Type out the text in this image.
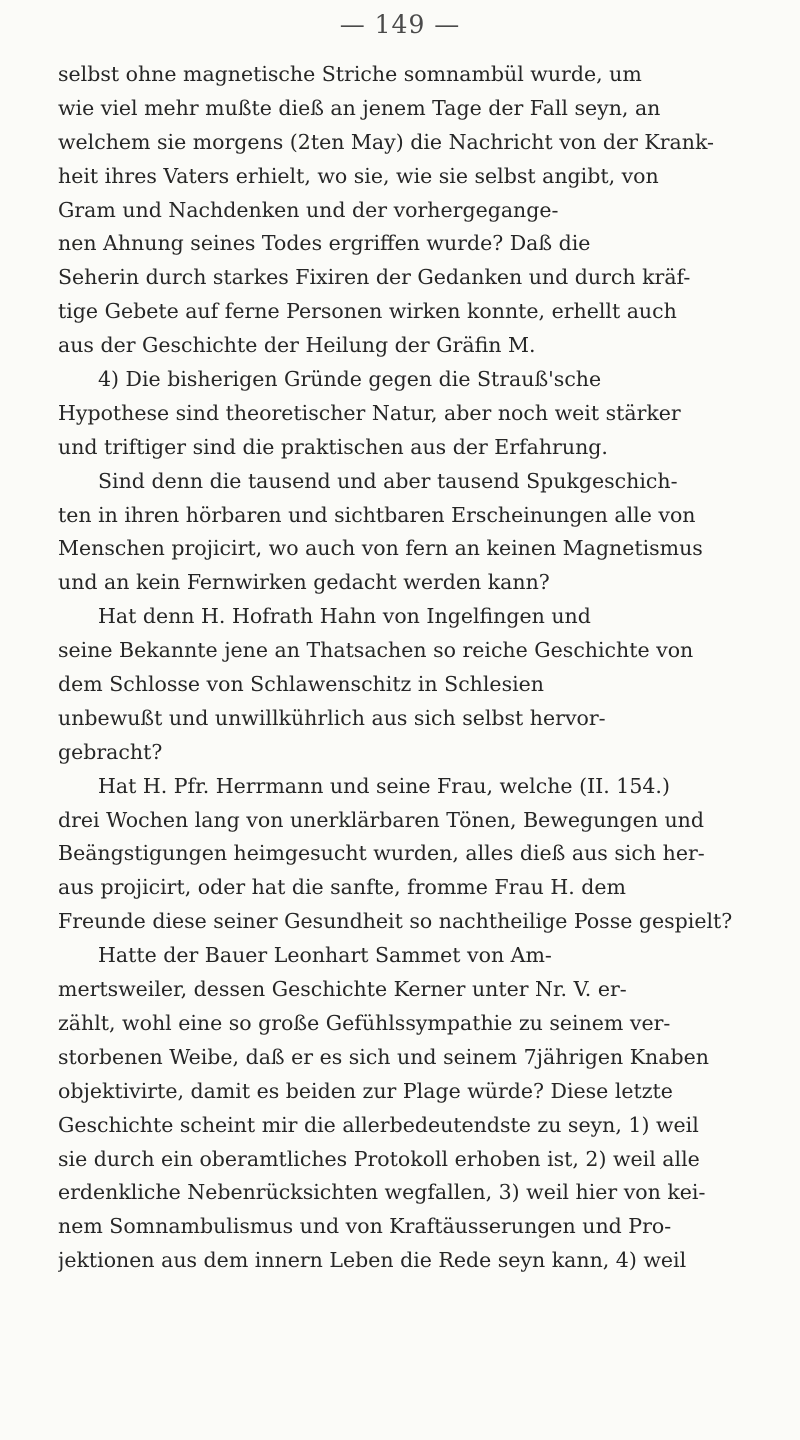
— 149 —
selbst ohne magnetische Striche somnambül wurde, um
wie viel mehr mußte dieß an jenem Tage der Fall seyn, an
welchem sie morgens (2ten May) die Nachricht von der Krank-
heit ihres Vaters erhielt, wo sie, wie sie selbst angibt, von
Gram und Nachdenken und der vorhergegange-
nen Ahnung seines Todes ergriffen wurde? Daß die
Seherin durch starkes Fixiren der Gedanken und durch kräf-
tige Gebete auf ferne Personen wirken konnte, erhellt auch
aus der Geschichte der Heilung der Gräfin M.
4) Die bisherigen Gründe gegen die Strauß'sche
Hypothese sind theoretischer Natur, aber noch weit stärker
und triftiger sind die praktischen aus der Erfahrung.
Sind denn die tausend und aber tausend Spukgeschich-
ten in ihren hörbaren und sichtbaren Erscheinungen alle von
Menschen projicirt, wo auch von fern an keinen Magnetismus
und an kein Fernwirken gedacht werden kann?
Hat denn H. Hofrath Hahn von Ingelfingen und
seine Bekannte jene an Thatsachen so reiche Geschichte von
dem Schlosse von Schlawenschitz in Schlesien
unbewußt und unwillkührlich aus sich selbst hervor-
gebracht?
Hat H. Pfr. Herrmann und seine Frau, welche (II. 154.)
drei Wochen lang von unerklärbaren Tönen, Bewegungen und
Beängstigungen heimgesucht wurden, alles dieß aus sich her-
aus projicirt, oder hat die sanfte, fromme Frau H. dem
Freunde diese seiner Gesundheit so nachtheilige Posse gespielt?
Hatte der Bauer Leonhart Sammet von Am-
mertsweiler, dessen Geschichte Kerner unter Nr. V. er-
zählt, wohl eine so große Gefühlssympathie zu seinem ver-
storbenen Weibe, daß er es sich und seinem 7jährigen Knaben
objektivirte, damit es beiden zur Plage würde? Diese letzte
Geschichte scheint mir die allerbedeutendste zu seyn, 1) weil
sie durch ein oberamtliches Protokoll erhoben ist, 2) weil alle
erdenkliche Nebenrücksichten wegfallen, 3) weil hier von kei-
nem Somnambulismus und von Kraftäusserungen und Pro-
jektionen aus dem innern Leben die Rede seyn kann, 4) weil
